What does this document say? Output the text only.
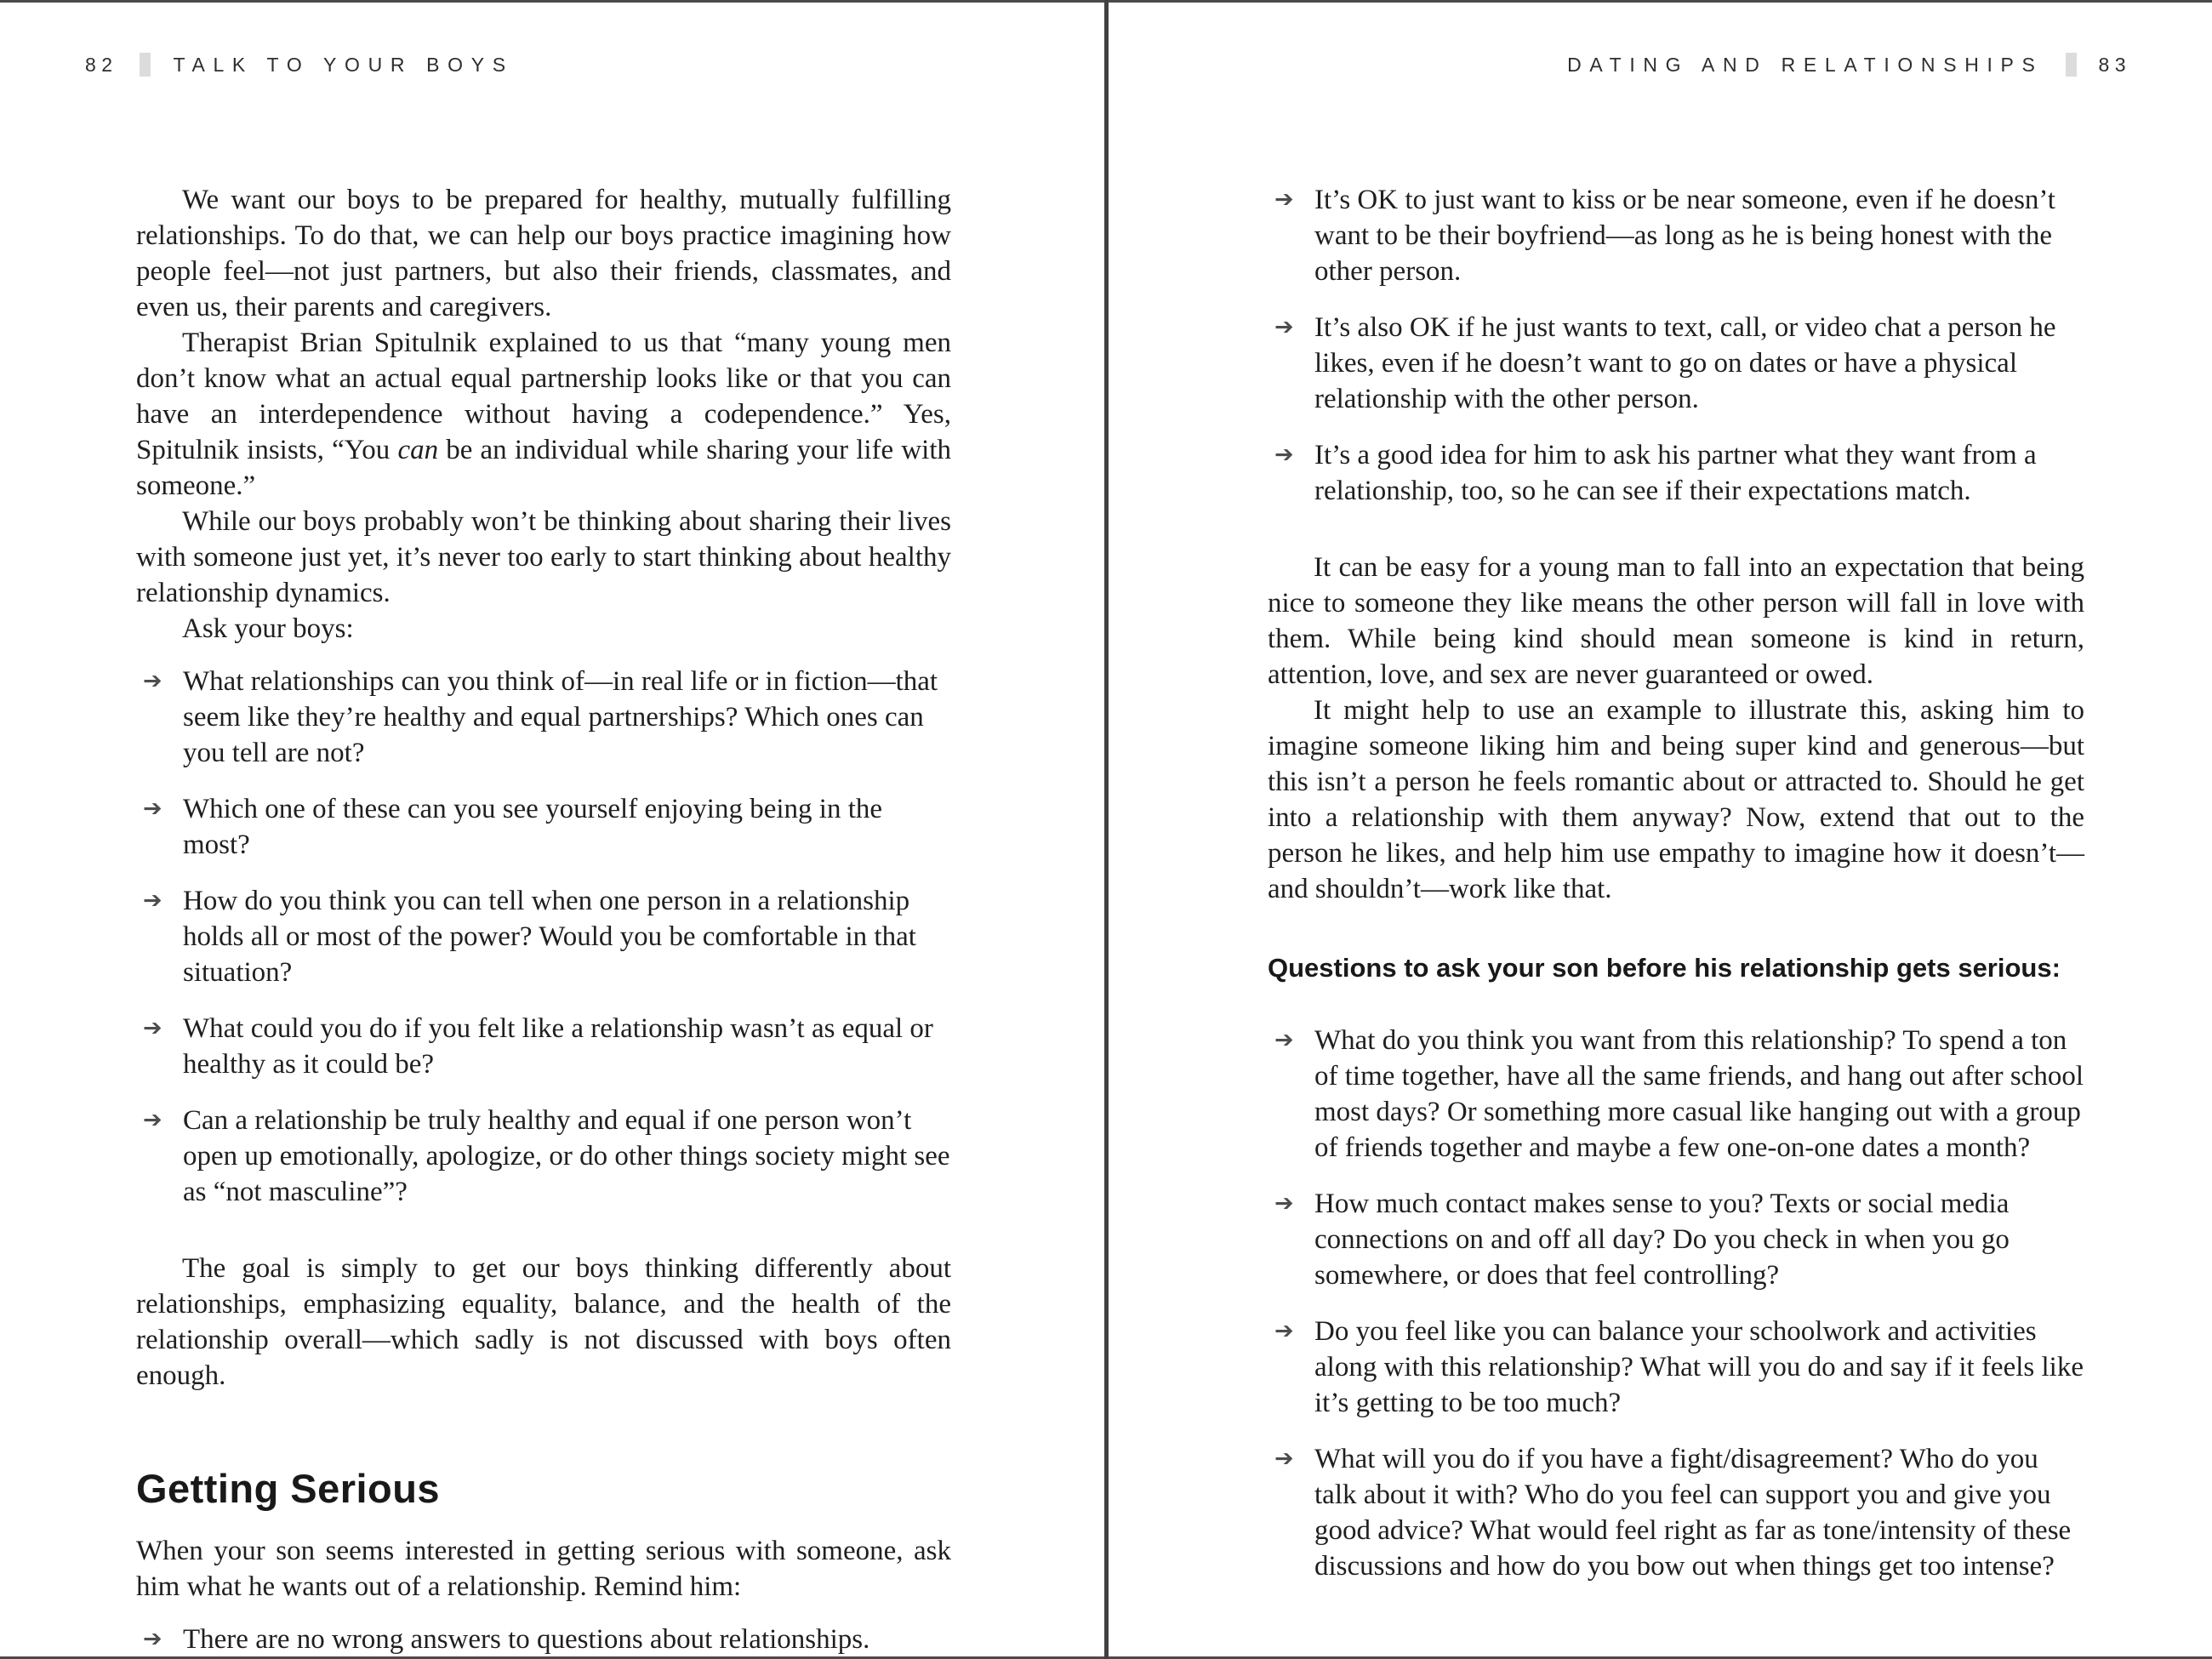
82	TALK TO YOUR BOYS

We want our boys to be prepared for healthy, mutually fulfilling relationships. To do that, we can help our boys practice imagining how people feel—not just partners, but also their friends, classmates, and even us, their parents and caregivers.

Therapist Brian Spitulnik explained to us that “many young men don’t know what an actual equal partnership looks like or that you can have an interdependence without having a codependence.” Yes, Spitulnik insists, “You can be an individual while sharing your life with someone.”

While our boys probably won’t be thinking about sharing their lives with someone just yet, it’s never too early to start thinking about healthy relationship dynamics.

Ask your boys:

➔ What relationships can you think of—in real life or in fiction—that seem like they’re healthy and equal partnerships? Which ones can you tell are not?
➔ Which one of these can you see yourself enjoying being in the most?
➔ How do you think you can tell when one person in a relationship holds all or most of the power? Would you be comfortable in that situation?
➔ What could you do if you felt like a relationship wasn’t as equal or healthy as it could be?
➔ Can a relationship be truly healthy and equal if one person won’t open up emotionally, apologize, or do other things society might see as “not masculine”?

The goal is simply to get our boys thinking differently about relationships, emphasizing equality, balance, and the health of the relationship overall—which sadly is not discussed with boys often enough.

Getting Serious

When your son seems interested in getting serious with someone, ask him what he wants out of a relationship. Remind him:

➔ There are no wrong answers to questions about relationships.
DATING AND RELATIONSHIPS	83
➔ It’s OK to just want to kiss or be near someone, even if he doesn’t want to be their boyfriend—as long as he is being honest with the other person.
➔ It’s also OK if he just wants to text, call, or video chat a person he likes, even if he doesn’t want to go on dates or have a physical relationship with the other person.
➔ It’s a good idea for him to ask his partner what they want from a relationship, too, so he can see if their expectations match.

It can be easy for a young man to fall into an expectation that being nice to someone they like means the other person will fall in love with them. While being kind should mean someone is kind in return, attention, love, and sex are never guaranteed or owed.

It might help to use an example to illustrate this, asking him to imagine someone liking him and being super kind and generous—but this isn’t a person he feels romantic about or attracted to. Should he get into a relationship with them anyway? Now, extend that out to the person he likes, and help him use empathy to imagine how it doesn’t—and shouldn’t—work like that.

Questions to ask your son before his relationship gets serious:
➔ What do you think you want from this relationship? To spend a ton of time together, have all the same friends, and hang out after school most days? Or something more casual like hanging out with a group of friends together and maybe a few one-on-one dates a month?
➔ How much contact makes sense to you? Texts or social media connections on and off all day? Do you check in when you go somewhere, or does that feel controlling?
➔ Do you feel like you can balance your schoolwork and activities along with this relationship? What will you do and say if it feels like it’s getting to be too much?
➔ What will you do if you have a fight/disagreement? Who do you talk about it with? Who do you feel can support you and give you good advice? What would feel right as far as tone/intensity of these discussions and how do you bow out when things get too intense?
